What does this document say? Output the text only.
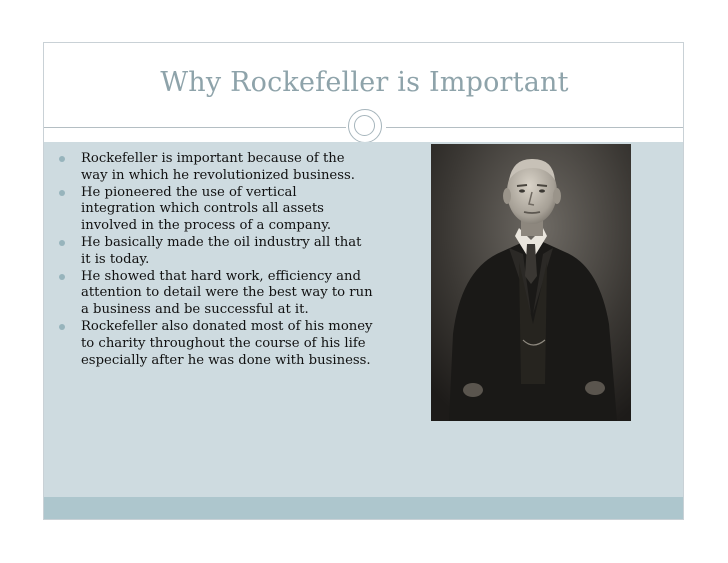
Why Rockefeller is Important
Rockefeller is important because of the way in which he revolutionized business.
He pioneered the use of vertical integration which controls all assets involved in the process of a company.
He basically made the oil industry all that it is today.
He showed that hard work, efficiency and attention to detail were the best way to run a business and be successful at it.
Rockefeller also donated most of his money to charity throughout the course of his life especially after he was done with business.
